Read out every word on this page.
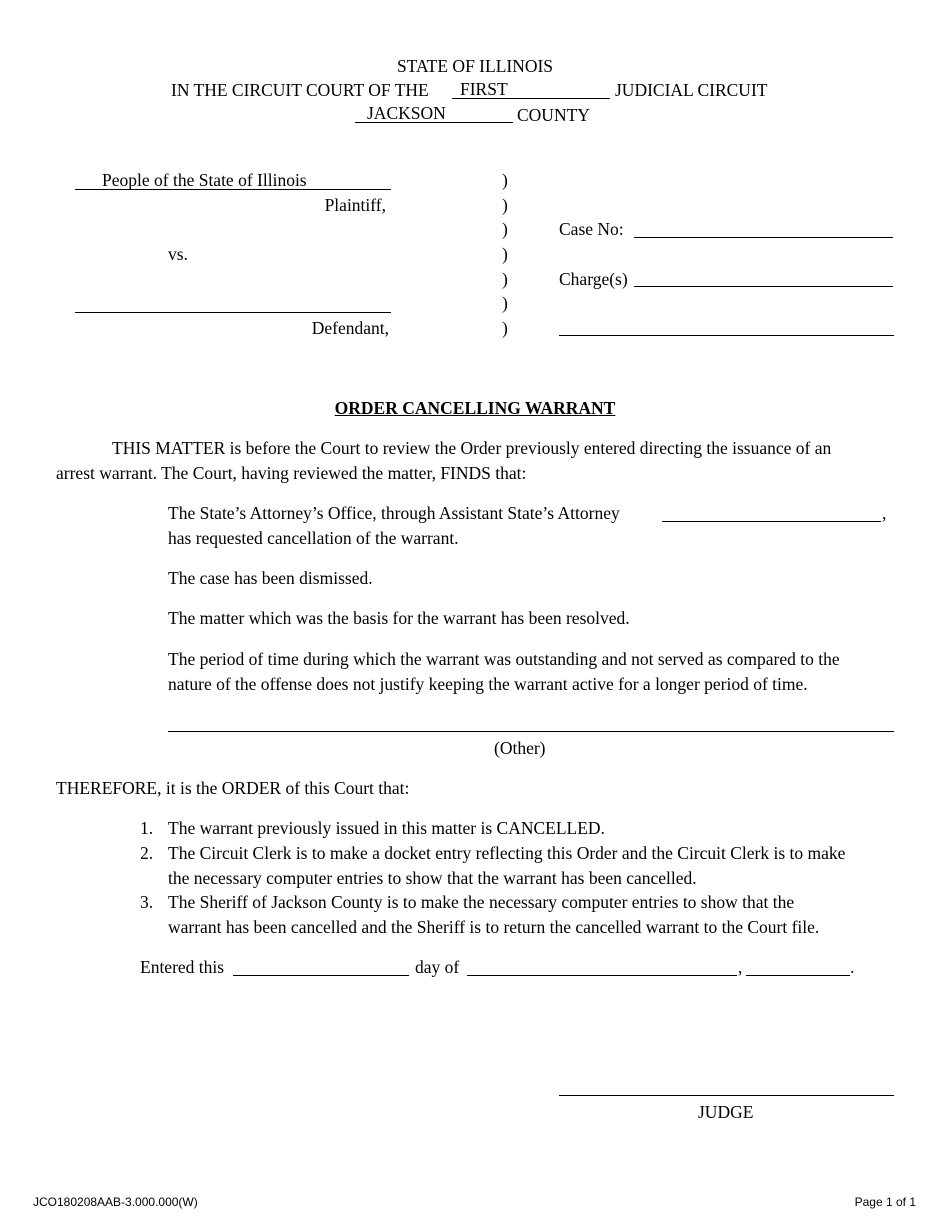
STATE OF ILLINOIS
IN THE CIRCUIT COURT OF THE FIRST	JUDICIAL CIRCUIT
JACKSON	COUNTY
People of the State of Illinois
Plaintiff,
vs.
Defendant,
)
)
)
)
)
)
)
Case No:
Charge(s)
ORDER CANCELLING WARRANT
THIS MATTER is before the Court to review the Order previously entered directing the issuance of an
arrest warrant. The Court, having reviewed the matter, FINDS that:
The State’s Attorney’s Office, through Assistant State’s Attorney	,
has requested cancellation of the warrant.
The case has been dismissed.
The matter which was the basis for the warrant has been resolved.
The period of time during which the warrant was outstanding and not served as compared to the
nature of the offense does not justify keeping the warrant active for a longer period of time.
(Other)
THEREFORE, it is the ORDER of this Court that:
1. The warrant previously issued in this matter is CANCELLED.
2. The Circuit Clerk is to make a docket entry reflecting this Order and the Circuit Clerk is to make
the necessary computer entries to show that the warrant has been cancelled.
3. The Sheriff of Jackson County is to make the necessary computer entries to show that the
warrant has been cancelled and the Sheriff is to return the cancelled warrant to the Court file.
Entered this	day of	,	.
JUDGE
JCO180208AAB-3.000.000(W)	Page 1 of 1
